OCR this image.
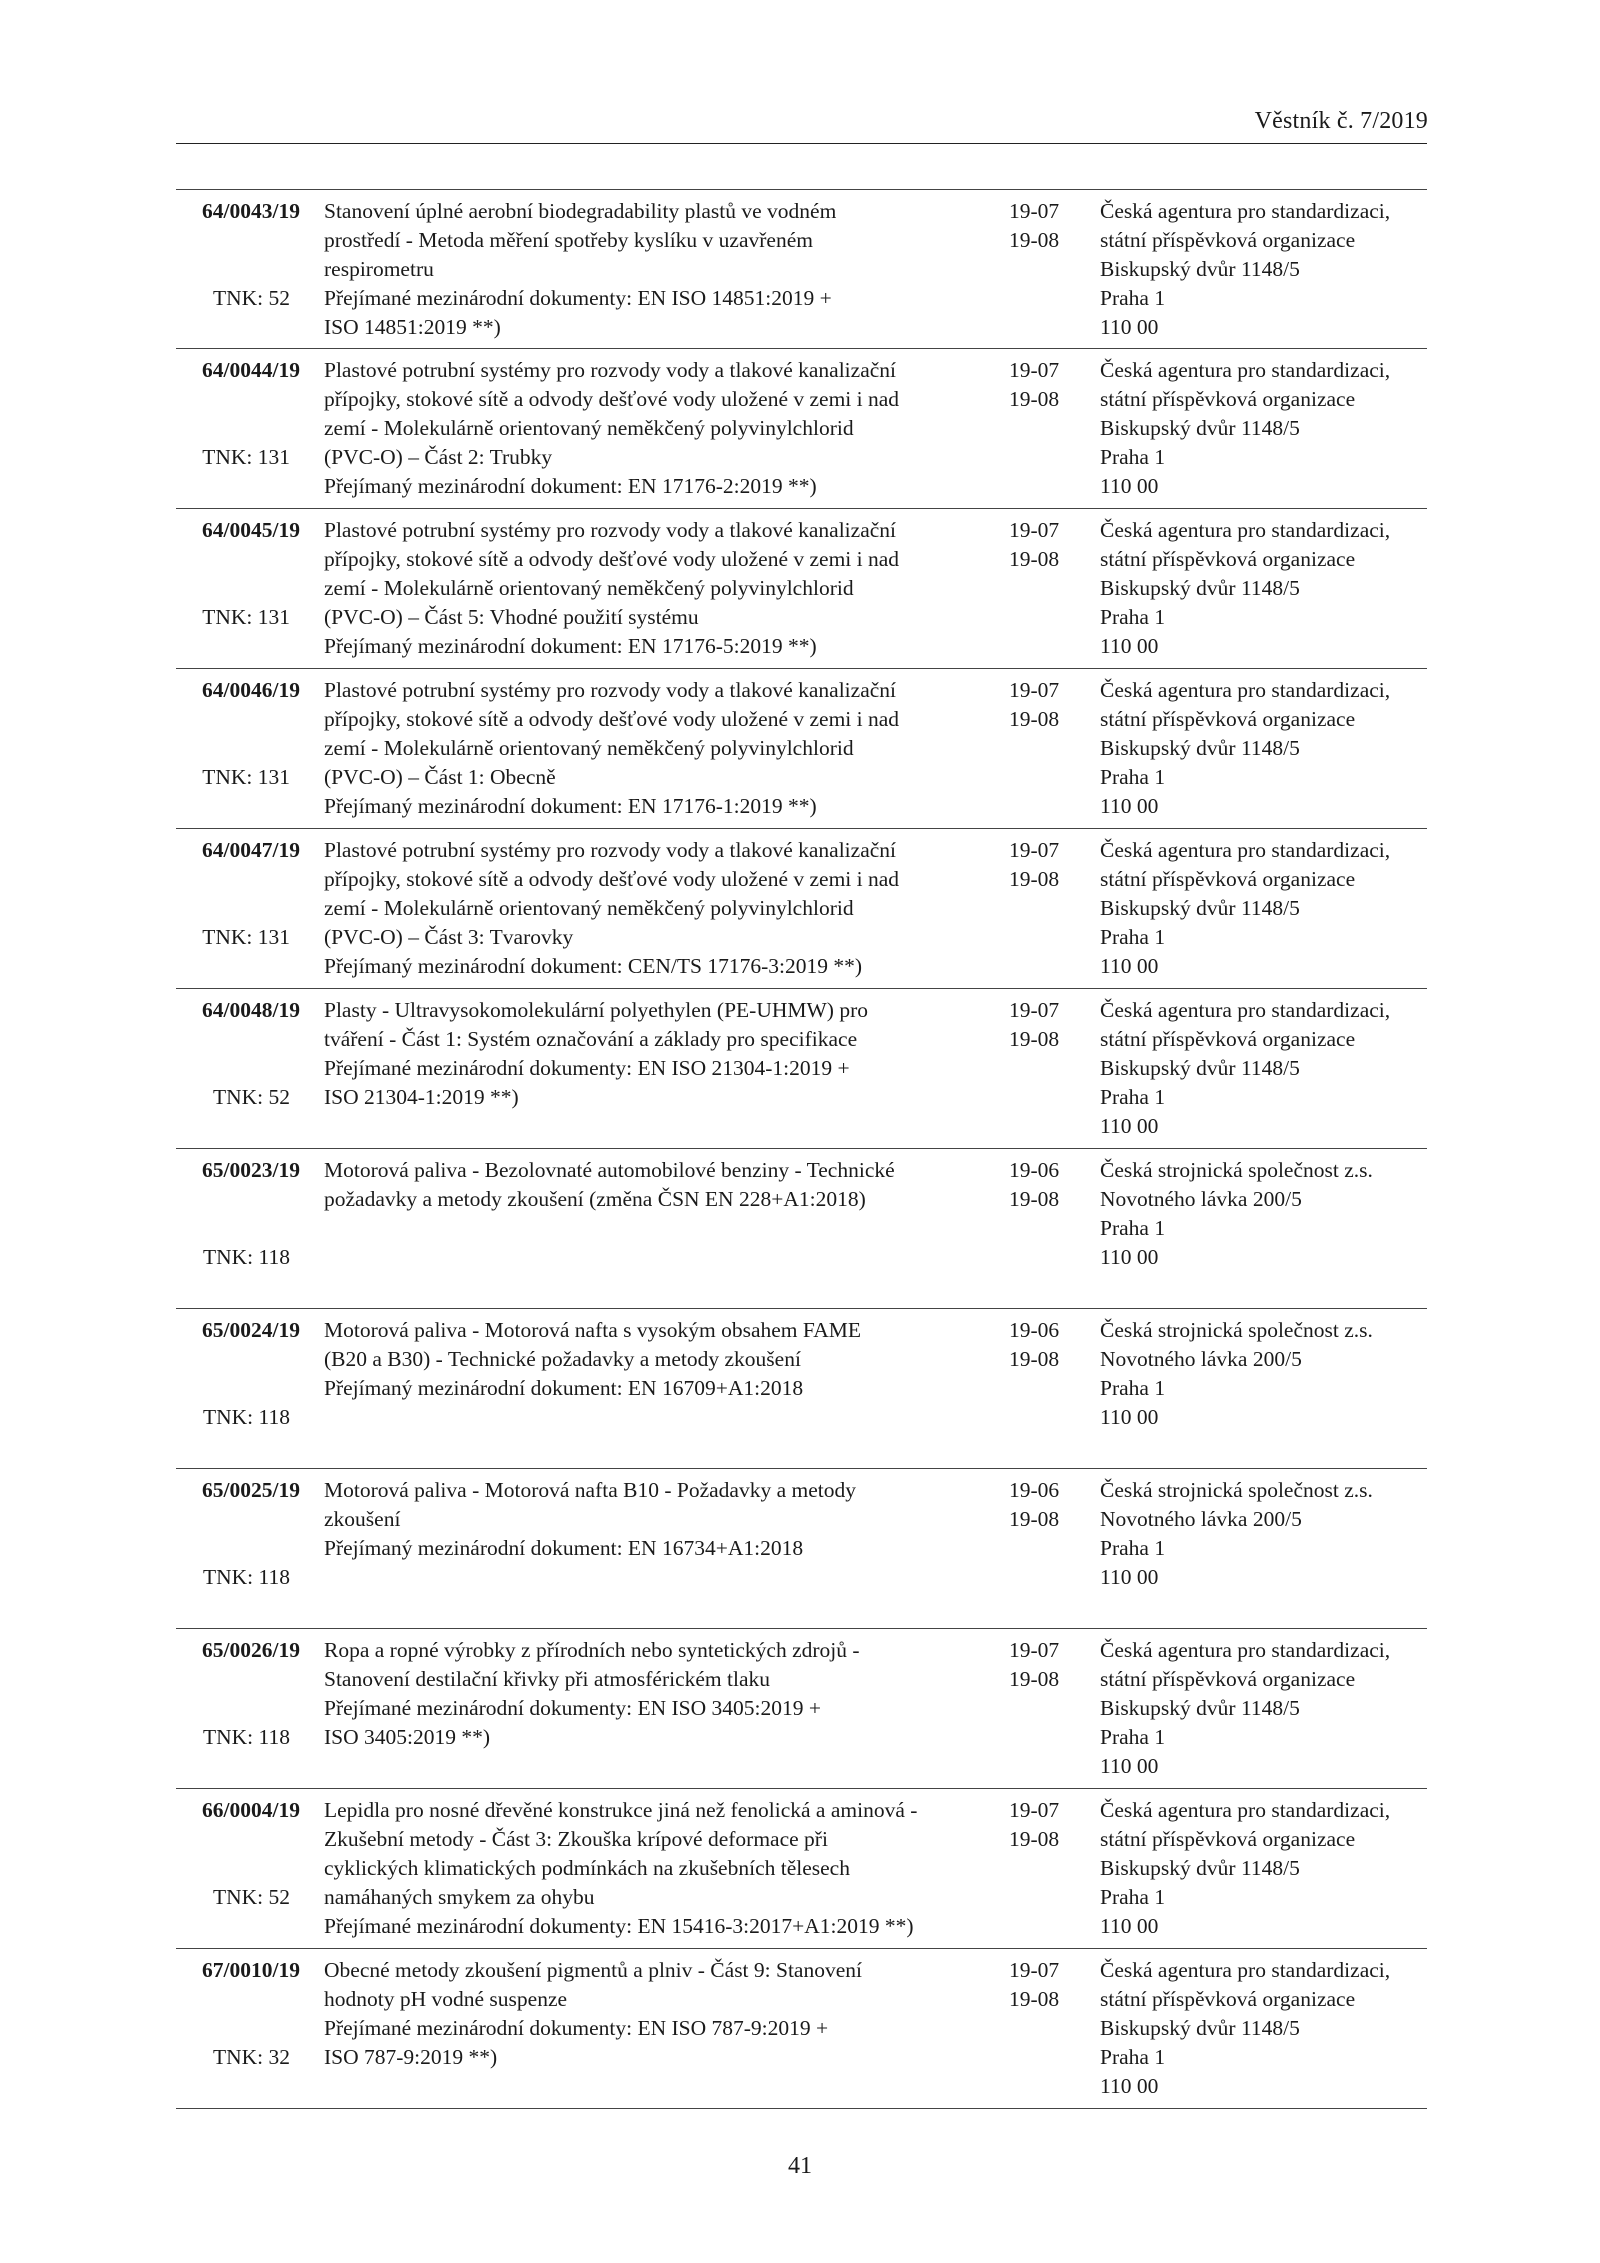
Věstník č. 7/2019
64/0043/19
TNK: 52
Stanovení úplné aerobní biodegradability plastů ve vodném
prostředí - Metoda měření spotřeby kyslíku v uzavřeném
respirometru
Přejímané mezinárodní dokumenty: EN ISO 14851:2019 +
ISO 14851:2019 **)
19-07
19-08
Česká agentura pro standardizaci,
státní příspěvková organizace
Biskupský dvůr 1148/5
Praha 1
110 00
64/0044/19
TNK: 131
Plastové potrubní systémy pro rozvody vody a tlakové kanalizační
přípojky, stokové sítě a odvody dešťové vody uložené v zemi i nad
zemí - Molekulárně orientovaný neměkčený polyvinylchlorid
(PVC-O) – Část 2: Trubky
Přejímaný mezinárodní dokument: EN 17176-2:2019 **)
19-07
19-08
Česká agentura pro standardizaci,
státní příspěvková organizace
Biskupský dvůr 1148/5
Praha 1
110 00
64/0045/19
TNK: 131
Plastové potrubní systémy pro rozvody vody a tlakové kanalizační
přípojky, stokové sítě a odvody dešťové vody uložené v zemi i nad
zemí - Molekulárně orientovaný neměkčený polyvinylchlorid
(PVC-O) – Část 5: Vhodné použití systému
Přejímaný mezinárodní dokument: EN 17176-5:2019 **)
19-07
19-08
Česká agentura pro standardizaci,
státní příspěvková organizace
Biskupský dvůr 1148/5
Praha 1
110 00
64/0046/19
TNK: 131
Plastové potrubní systémy pro rozvody vody a tlakové kanalizační
přípojky, stokové sítě a odvody dešťové vody uložené v zemi i nad
zemí - Molekulárně orientovaný neměkčený polyvinylchlorid
(PVC-O) – Část 1: Obecně
Přejímaný mezinárodní dokument: EN 17176-1:2019 **)
19-07
19-08
Česká agentura pro standardizaci,
státní příspěvková organizace
Biskupský dvůr 1148/5
Praha 1
110 00
64/0047/19
TNK: 131
Plastové potrubní systémy pro rozvody vody a tlakové kanalizační
přípojky, stokové sítě a odvody dešťové vody uložené v zemi i nad
zemí - Molekulárně orientovaný neměkčený polyvinylchlorid
(PVC-O) – Část 3: Tvarovky
Přejímaný mezinárodní dokument: CEN/TS 17176-3:2019 **)
19-07
19-08
Česká agentura pro standardizaci,
státní příspěvková organizace
Biskupský dvůr 1148/5
Praha 1
110 00
64/0048/19
TNK: 52
Plasty - Ultravysokomolekulární polyethylen (PE-UHMW) pro
tváření - Část 1: Systém označování a základy pro specifikace
Přejímané mezinárodní dokumenty: EN ISO 21304-1:2019 +
ISO 21304-1:2019 **)
19-07
19-08
Česká agentura pro standardizaci,
státní příspěvková organizace
Biskupský dvůr 1148/5
Praha 1
110 00
65/0023/19
TNK: 118
Motorová paliva - Bezolovnaté automobilové benziny - Technické
požadavky a metody zkoušení (změna ČSN EN 228+A1:2018)
19-06
19-08
Česká strojnická společnost z.s.
Novotného lávka 200/5
Praha 1
110 00
65/0024/19
TNK: 118
Motorová paliva - Motorová nafta s vysokým obsahem FAME
(B20 a B30) - Technické požadavky a metody zkoušení
Přejímaný mezinárodní dokument: EN 16709+A1:2018
19-06
19-08
Česká strojnická společnost z.s.
Novotného lávka 200/5
Praha 1
110 00
65/0025/19
TNK: 118
Motorová paliva - Motorová nafta B10 - Požadavky a metody
zkoušení
Přejímaný mezinárodní dokument: EN 16734+A1:2018
19-06
19-08
Česká strojnická společnost z.s.
Novotného lávka 200/5
Praha 1
110 00
65/0026/19
TNK: 118
Ropa a ropné výrobky z přírodních nebo syntetických zdrojů -
Stanovení destilační křivky při atmosférickém tlaku
Přejímané mezinárodní dokumenty: EN ISO 3405:2019 +
ISO 3405:2019 **)
19-07
19-08
Česká agentura pro standardizaci,
státní příspěvková organizace
Biskupský dvůr 1148/5
Praha 1
110 00
66/0004/19
TNK: 52
Lepidla pro nosné dřevěné konstrukce jiná než fenolická a aminová -
Zkušební metody - Část 3: Zkouška krípové deformace při
cyklických klimatických podmínkách na zkušebních tělesech
namáhaných smykem za ohybu
Přejímané mezinárodní dokumenty: EN 15416-3:2017+A1:2019 **)
19-07
19-08
Česká agentura pro standardizaci,
státní příspěvková organizace
Biskupský dvůr 1148/5
Praha 1
110 00
67/0010/19
TNK: 32
Obecné metody zkoušení pigmentů a plniv - Část 9: Stanovení
hodnoty pH vodné suspenze
Přejímané mezinárodní dokumenty: EN ISO 787-9:2019 +
ISO 787-9:2019 **)
19-07
19-08
Česká agentura pro standardizaci,
státní příspěvková organizace
Biskupský dvůr 1148/5
Praha 1
110 00
41
